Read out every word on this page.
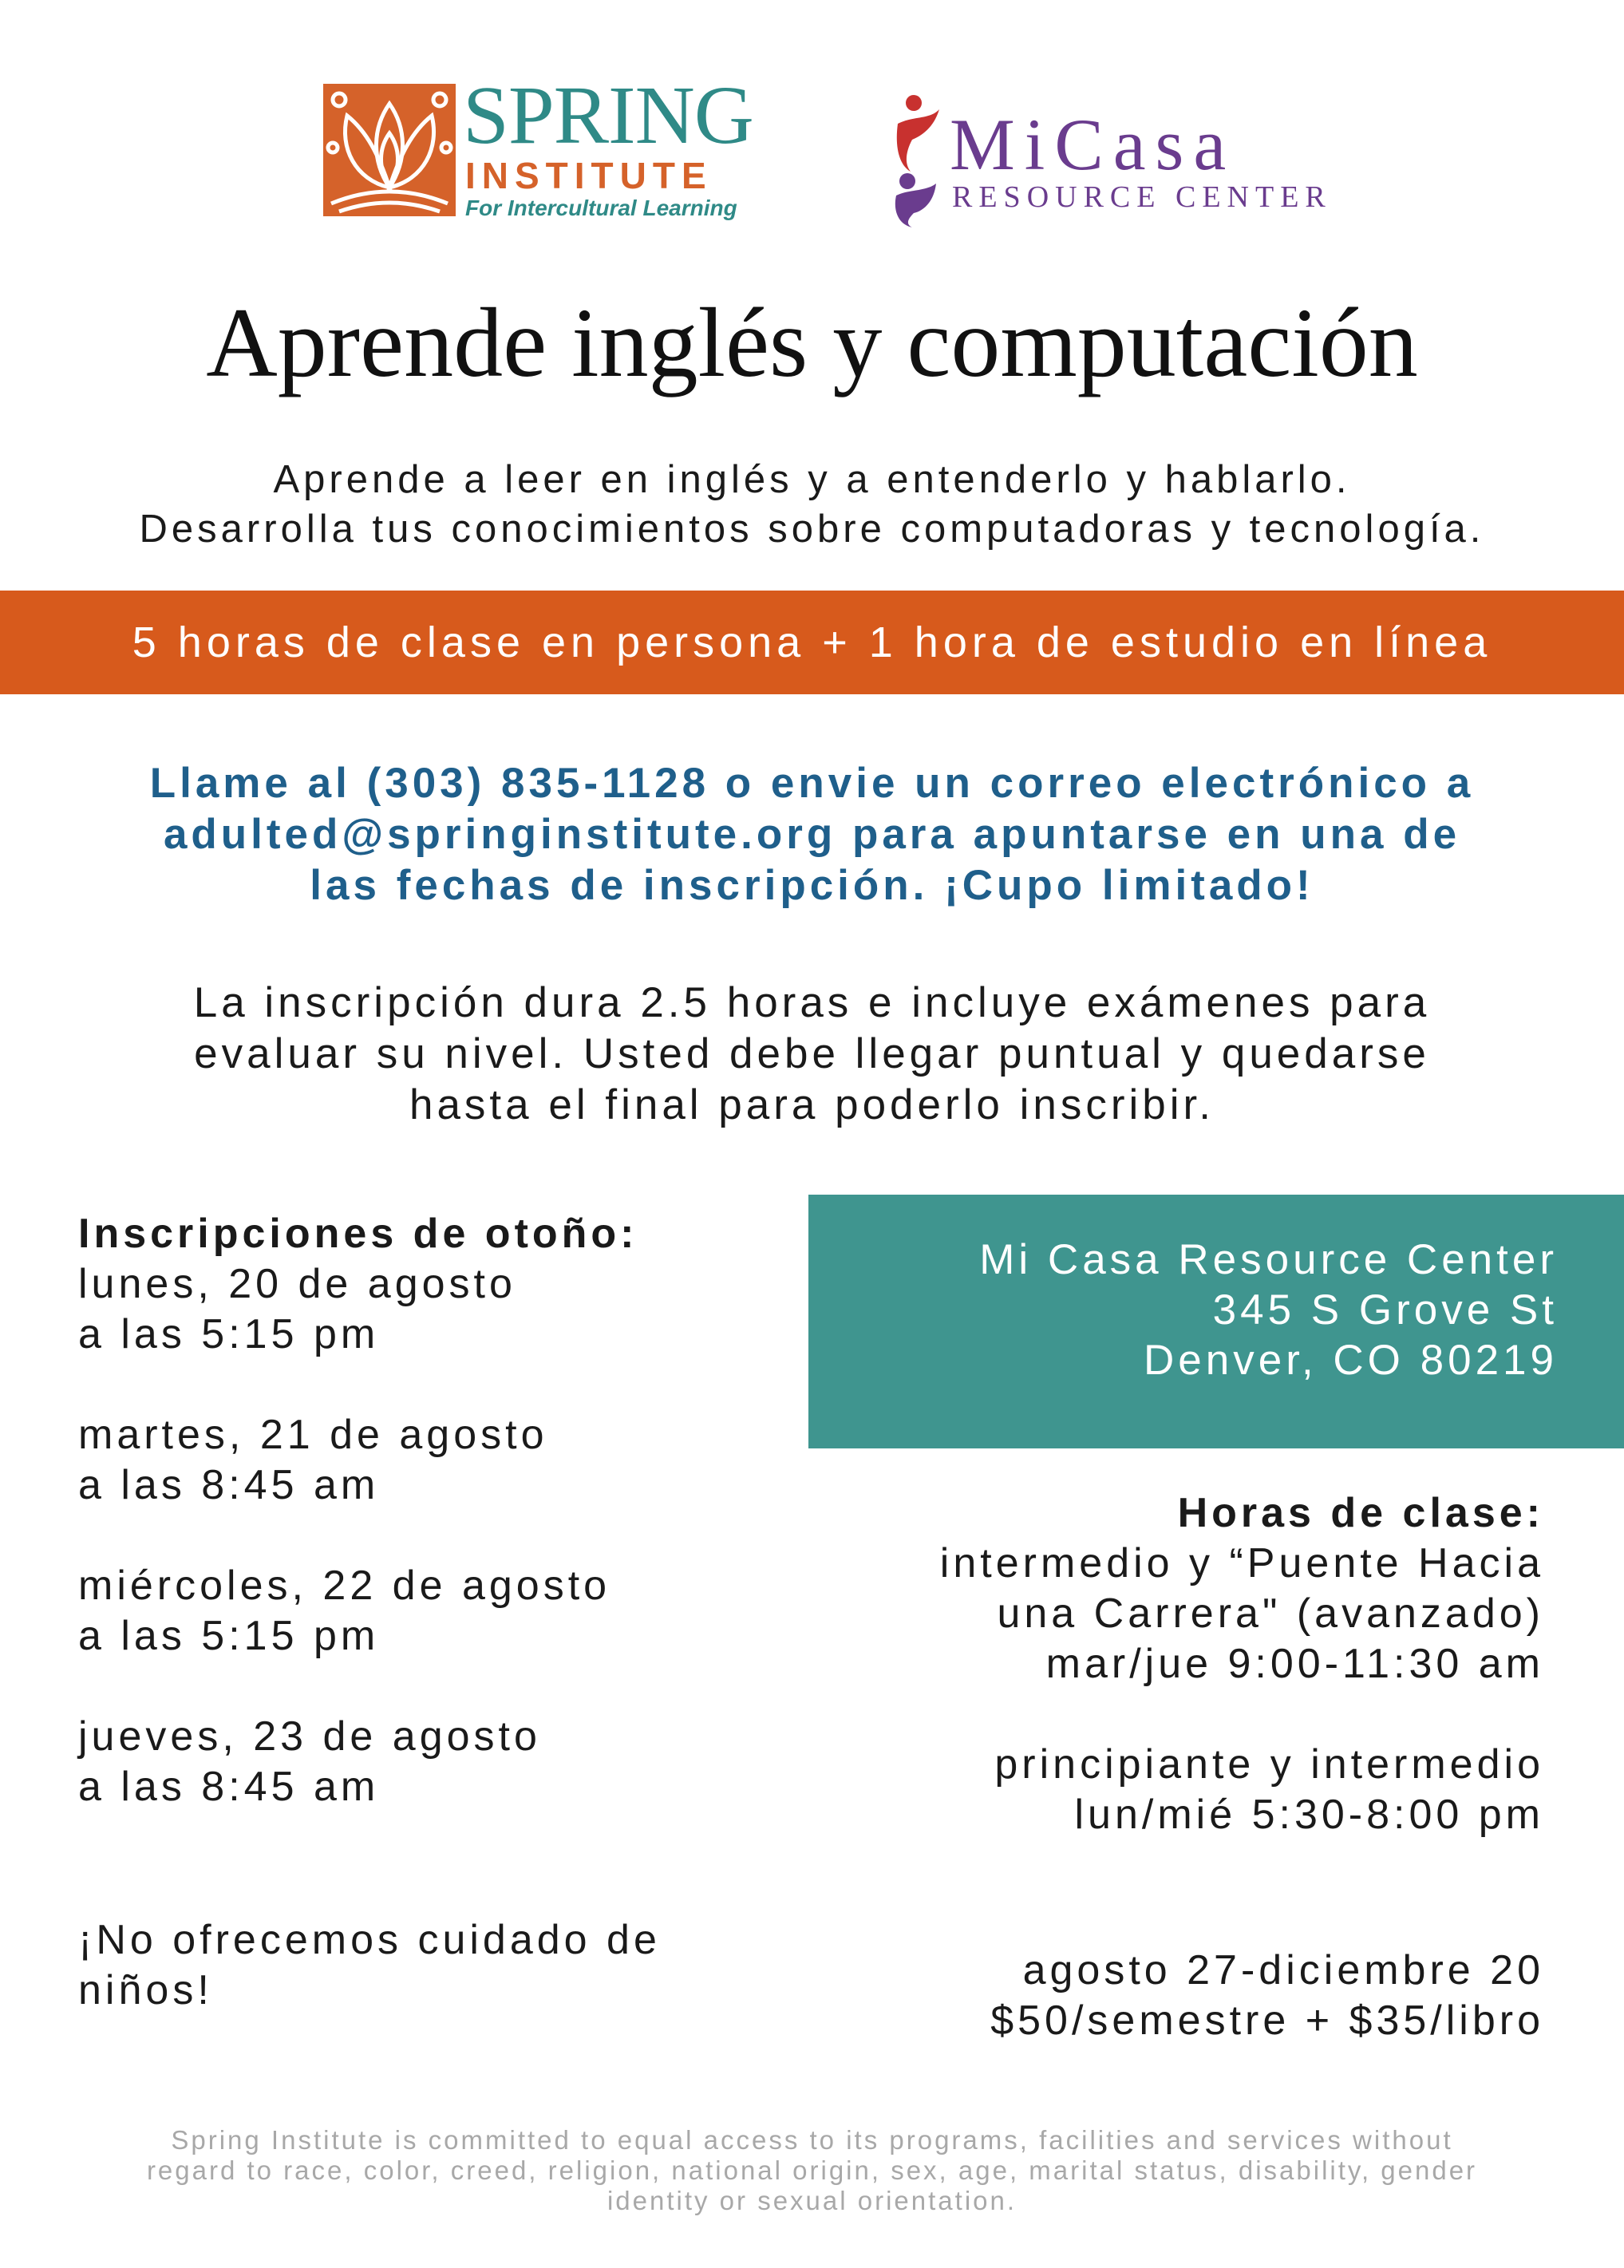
SPRING
INSTITUTE
For Intercultural Learning
MiCasa
RESOURCE CENTER
Aprende inglés y computación
Aprende a leer en inglés y a entenderlo y hablarlo.
Desarrolla tus conocimientos sobre computadoras y tecnología.
5 horas de clase en persona + 1 hora de estudio en línea
Llame al (303) 835-1128 o envie un correo electrónico a
adulted@springinstitute.org para apuntarse en una de
las fechas de inscripción. ¡Cupo limitado!
La inscripción dura 2.5 horas e incluye exámenes para
evaluar su nivel. Usted debe llegar puntual y quedarse
hasta el final para poderlo inscribir.
Inscripciones de otoño:
lunes, 20 de agosto
a las 5:15 pm
martes, 21 de agosto
a las 8:45 am
miércoles, 22 de agosto
a las 5:15 pm
jueves, 23 de agosto
a las 8:45 am
¡No ofrecemos cuidado de
niños!
Mi Casa Resource Center
345 S Grove St
Denver, CO 80219
Horas de clase:
intermedio y “Puente Hacia
una Carrera" (avanzado)
mar/jue 9:00-11:30 am
principiante y intermedio
lun/mié 5:30-8:00 pm
agosto 27-diciembre 20
$50/semestre + $35/libro
Spring Institute is committed to equal access to its programs, facilities and services without
regard to race, color, creed, religion, national origin, sex, age, marital status, disability, gender
identity or sexual orientation.
